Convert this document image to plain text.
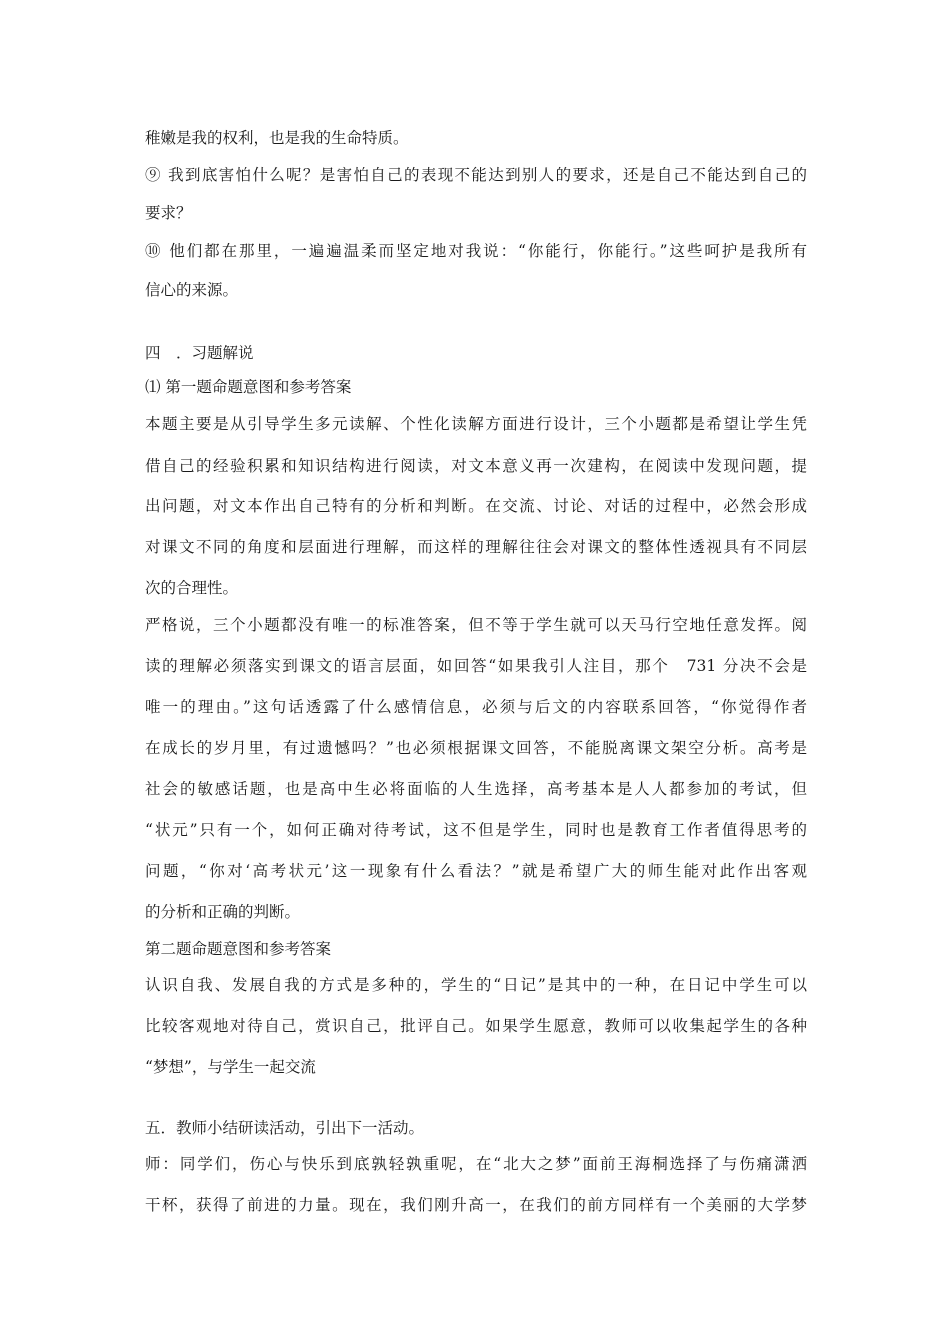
稚嫩是我的权利，也是我的生命特质。

⑨ 我到底害怕什么呢？是害怕自己的表现不能达到别人的要求，还是自己不能达到自己的

要求？

⑩ 他们都在那里，一遍遍温柔而坚定地对我说：“你能行，你能行。”这些呵护是我所有

信心的来源。

四　．习题解说

⑴ 第一题命题意图和参考答案

本题主要是从引导学生多元读解、个性化读解方面进行设计，三个小题都是希望让学生凭

借自己的经验积累和知识结构进行阅读，对文本意义再一次建构，在阅读中发现问题，提

出问题，对文本作出自己特有的分析和判断。在交流、讨论、对话的过程中，必然会形成

对课文不同的角度和层面进行理解，而这样的理解往往会对课文的整体性透视具有不同层

次的合理性。

严格说，三个小题都没有唯一的标准答案，但不等于学生就可以天马行空地任意发挥。阅

读的理解必须落实到课文的语言层面，如回答“如果我引人注目，那个　731 分决不会是

唯一的理由。”这句话透露了什么感情信息，必须与后文的内容联系回答，“你觉得作者

在成长的岁月里，有过遗憾吗？”也必须根据课文回答，不能脱离课文架空分析。高考是

社会的敏感话题，也是高中生必将面临的人生选择，高考基本是人人都参加的考试，但

“状元”只有一个，如何正确对待考试，这不但是学生，同时也是教育工作者值得思考的

问题，“你对‘高考状元’这一现象有什么看法？”就是希望广大的师生能对此作出客观

的分析和正确的判断。

第二题命题意图和参考答案

认识自我、发展自我的方式是多种的，学生的“日记”是其中的一种，在日记中学生可以

比较客观地对待自己，赏识自己，批评自己。如果学生愿意，教师可以收集起学生的各种

“梦想”，与学生一起交流

五．教师小结研读活动，引出下一活动。

师：同学们，伤心与快乐到底孰轻孰重呢，在“北大之梦”面前王海桐选择了与伤痛潇洒

干杯，获得了前进的力量。现在，我们刚升高一，在我们的前方同样有一个美丽的大学梦
